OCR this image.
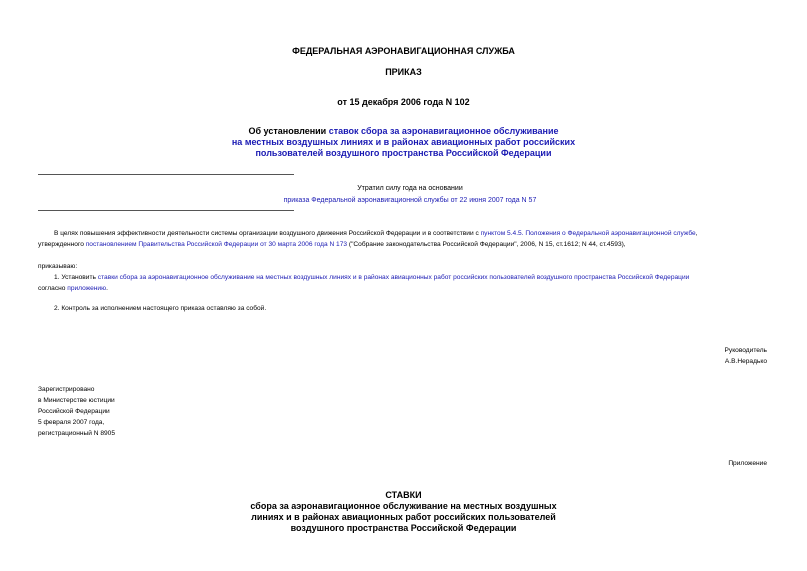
ФЕДЕРАЛЬНАЯ АЭРОНАВИГАЦИОННАЯ СЛУЖБА
ПРИКАЗ
от 15 декабря 2006 года N 102
Об установлении ставок сбора за аэронавигационное обслуживание
на местных воздушных линиях и в районах авиационных работ российских
пользователей воздушного пространства Российской Федерации
Утратил силу года на основании
приказа Федеральной аэронавигационной службы от 22 июня 2007 года N 57
В целях повышения эффективности деятельности системы организации воздушного движения Российской Федерации и в соответствии с пунктом 5.4.5. Положения о Федеральной аэронавигационной службе,
утвержденного постановлением Правительства Российской Федерации от 30 марта 2006 года N 173 ("Собрание законодательства Российской Федерации", 2006, N 15, ст.1612; N 44, ст.4593),
приказываю:
1. Установить ставки сбора за аэронавигационное обслуживание на местных воздушных линиях и в районах авиационных работ российских пользователей воздушного пространства Российской Федерации
согласно приложению.
2. Контроль за исполнением настоящего приказа оставляю за собой.
Руководитель
А.В.Нерадько
Зарегистрировано
в Министерстве юстиции
Российской Федерации
5 февраля 2007 года,
регистрационный N 8905
Приложение
СТАВКИ
сбора за аэронавигационное обслуживание на местных воздушных
линиях и в районах авиационных работ российских пользователей
воздушного пространства Российской Федерации
